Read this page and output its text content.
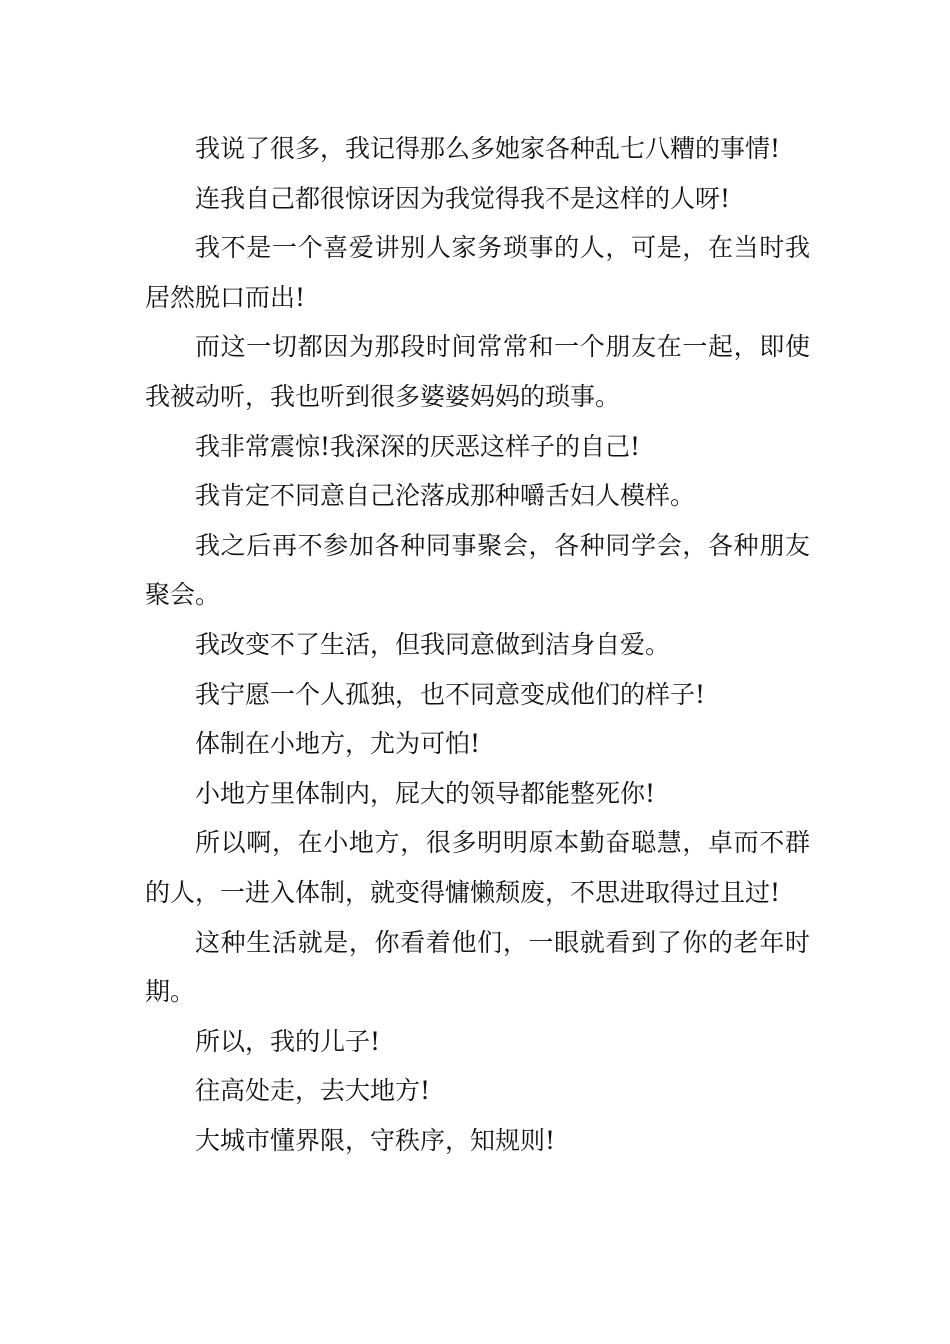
我说了很多，我记得那么多她家各种乱七八糟的事情!

连我自己都很惊讶因为我觉得我不是这样的人呀!

我不是一个喜爱讲别人家务琐事的人，可是，在当时我居然脱口而出!

而这一切都因为那段时间常常和一个朋友在一起，即使我被动听，我也听到很多婆婆妈妈的琐事。

我非常震惊!我深深的厌恶这样子的自己!

我肯定不同意自己沦落成那种嚼舌妇人模样。

我之后再不参加各种同事聚会，各种同学会，各种朋友聚会。

我改变不了生活，但我同意做到洁身自爱。

我宁愿一个人孤独，也不同意变成他们的样子!

体制在小地方，尤为可怕!

小地方里体制内，屁大的领导都能整死你!

所以啊，在小地方，很多明明原本勤奋聪慧，卓而不群的人，一进入体制，就变得慵懒颓废，不思进取得过且过!

这种生活就是，你看着他们，一眼就看到了你的老年时期。

所以，我的儿子!

往高处走，去大地方!

大城市懂界限，守秩序，知规则!
